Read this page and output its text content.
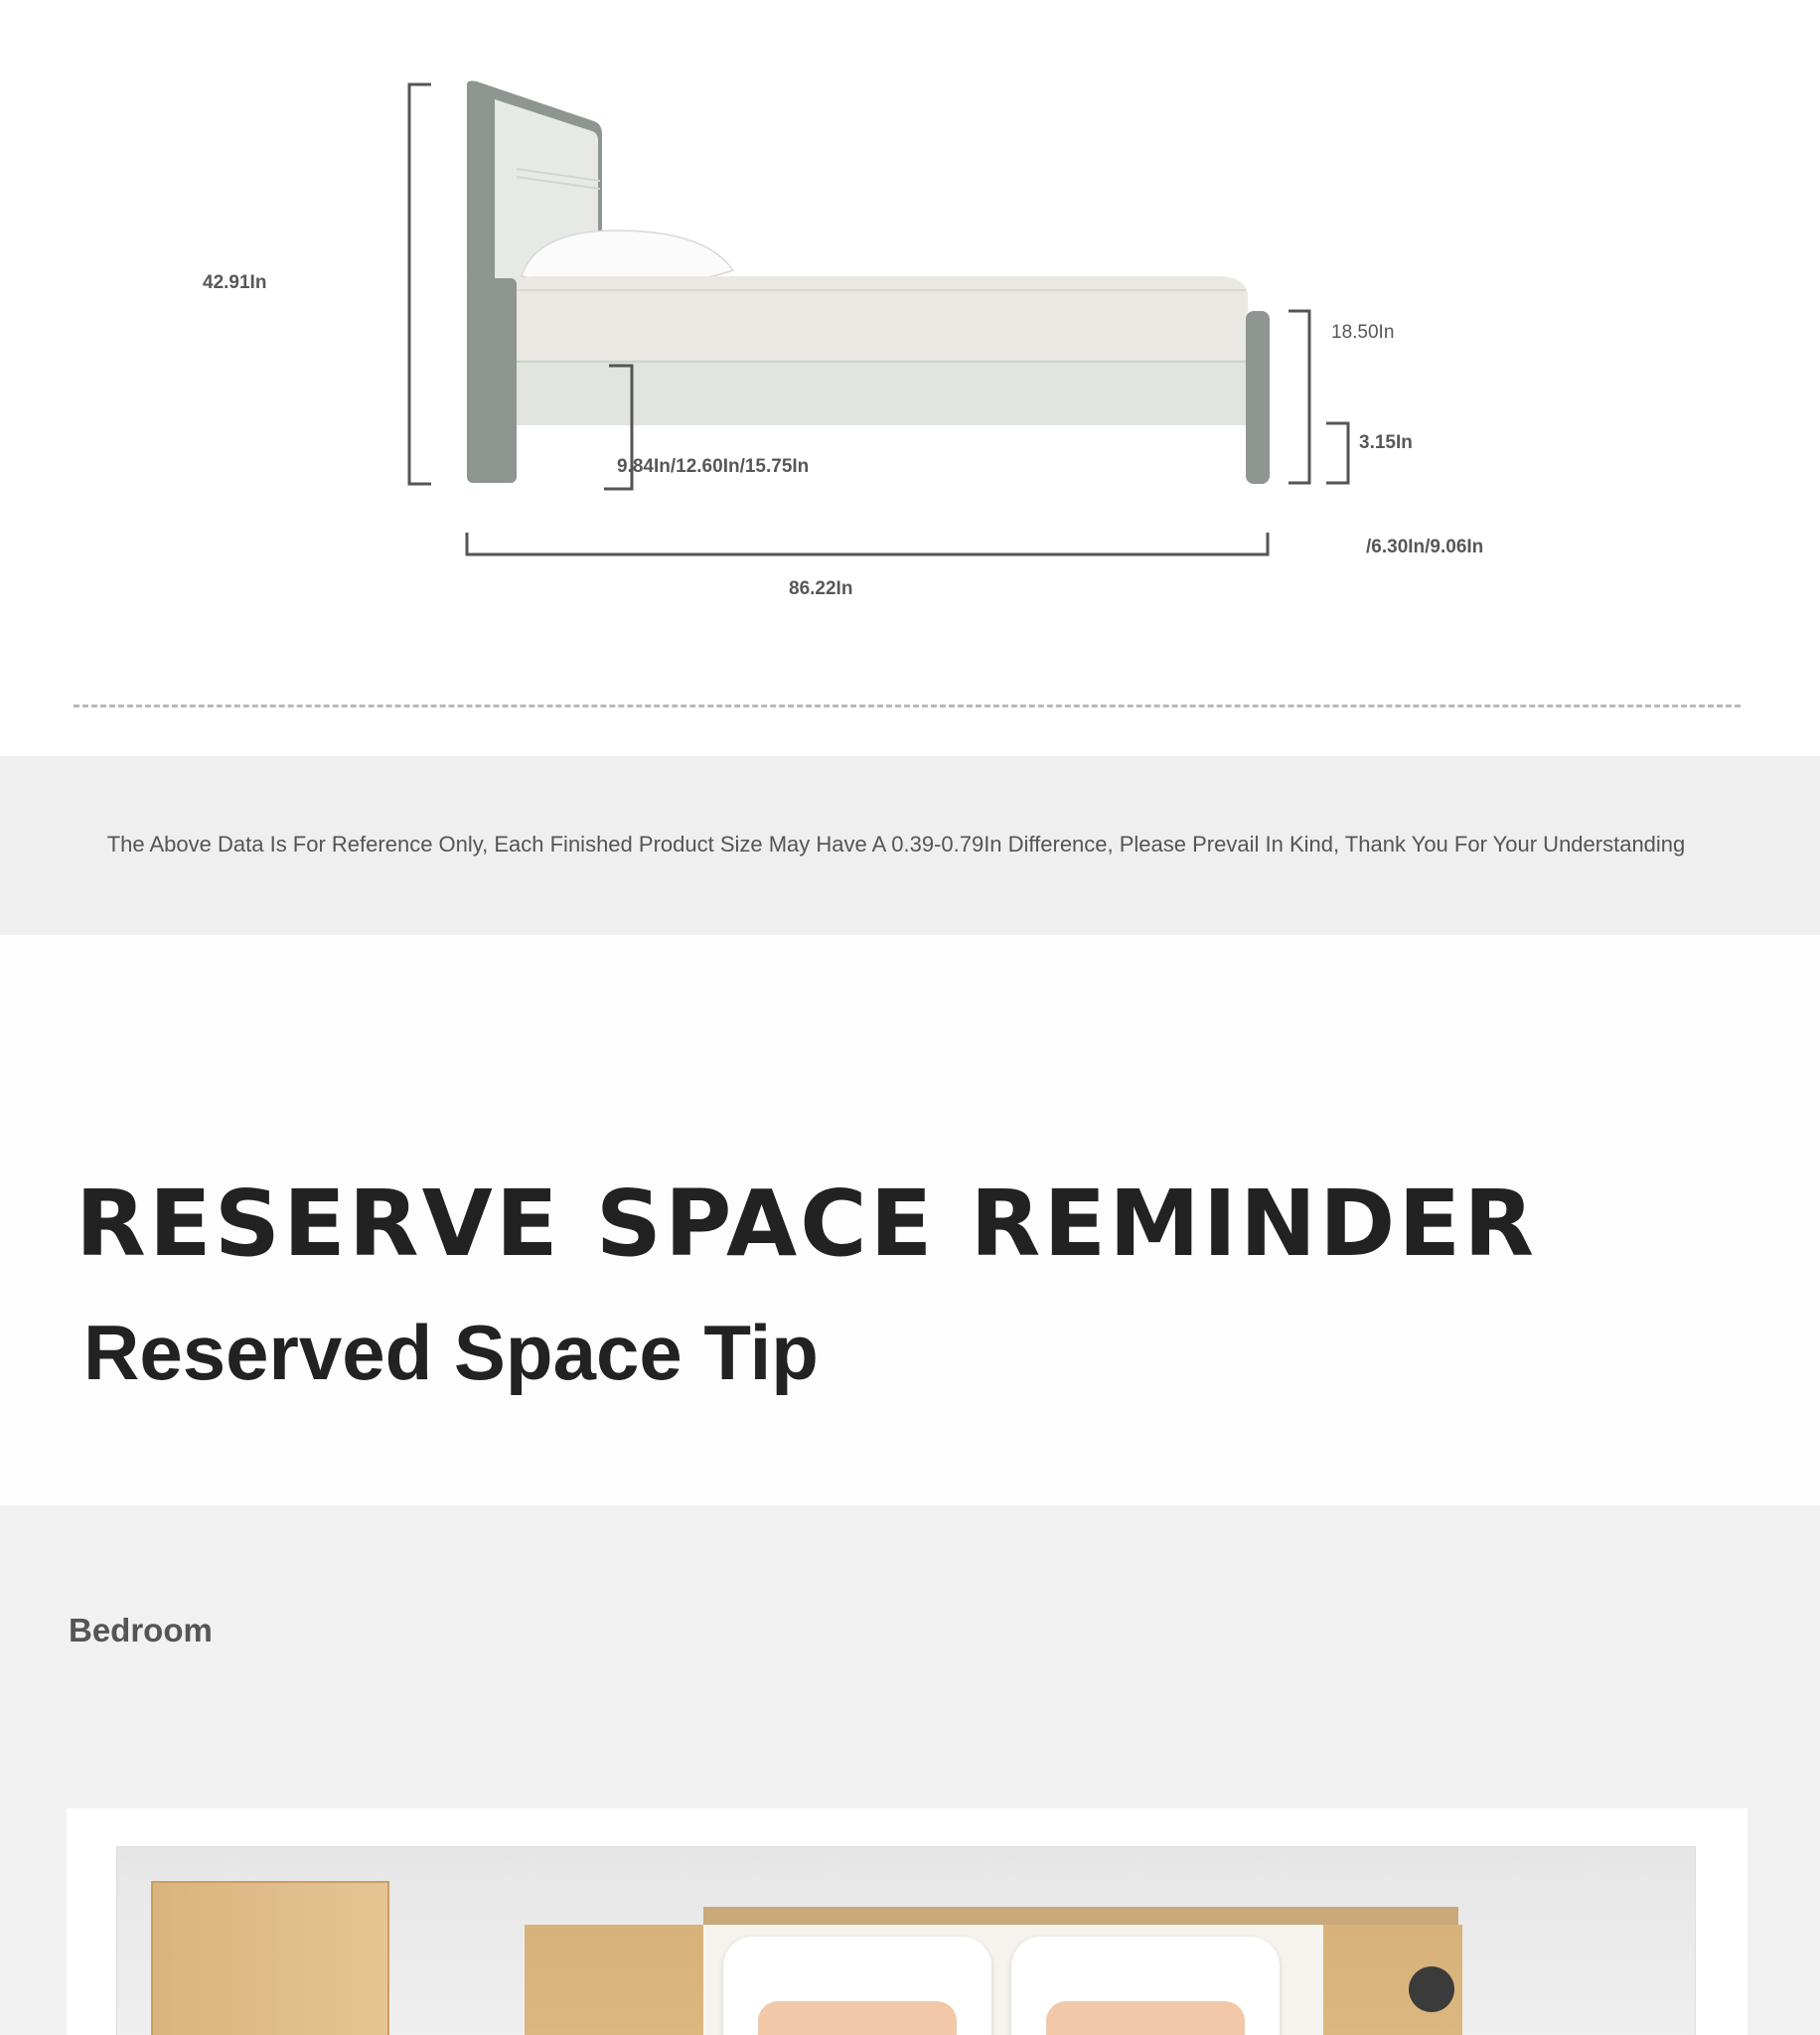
42.91In
18.50In
3.15In
9.84In/12.60In/15.75In
/6.30In/9.06In
86.22In

The Above Data Is For Reference Only, Each Finished Product Size May Have A 0.39-0.79In Difference, Please Prevail In Kind, Thank You For Your Understanding

RESERVE SPACE REMINDER
Reserved Space Tip
Bedroom
